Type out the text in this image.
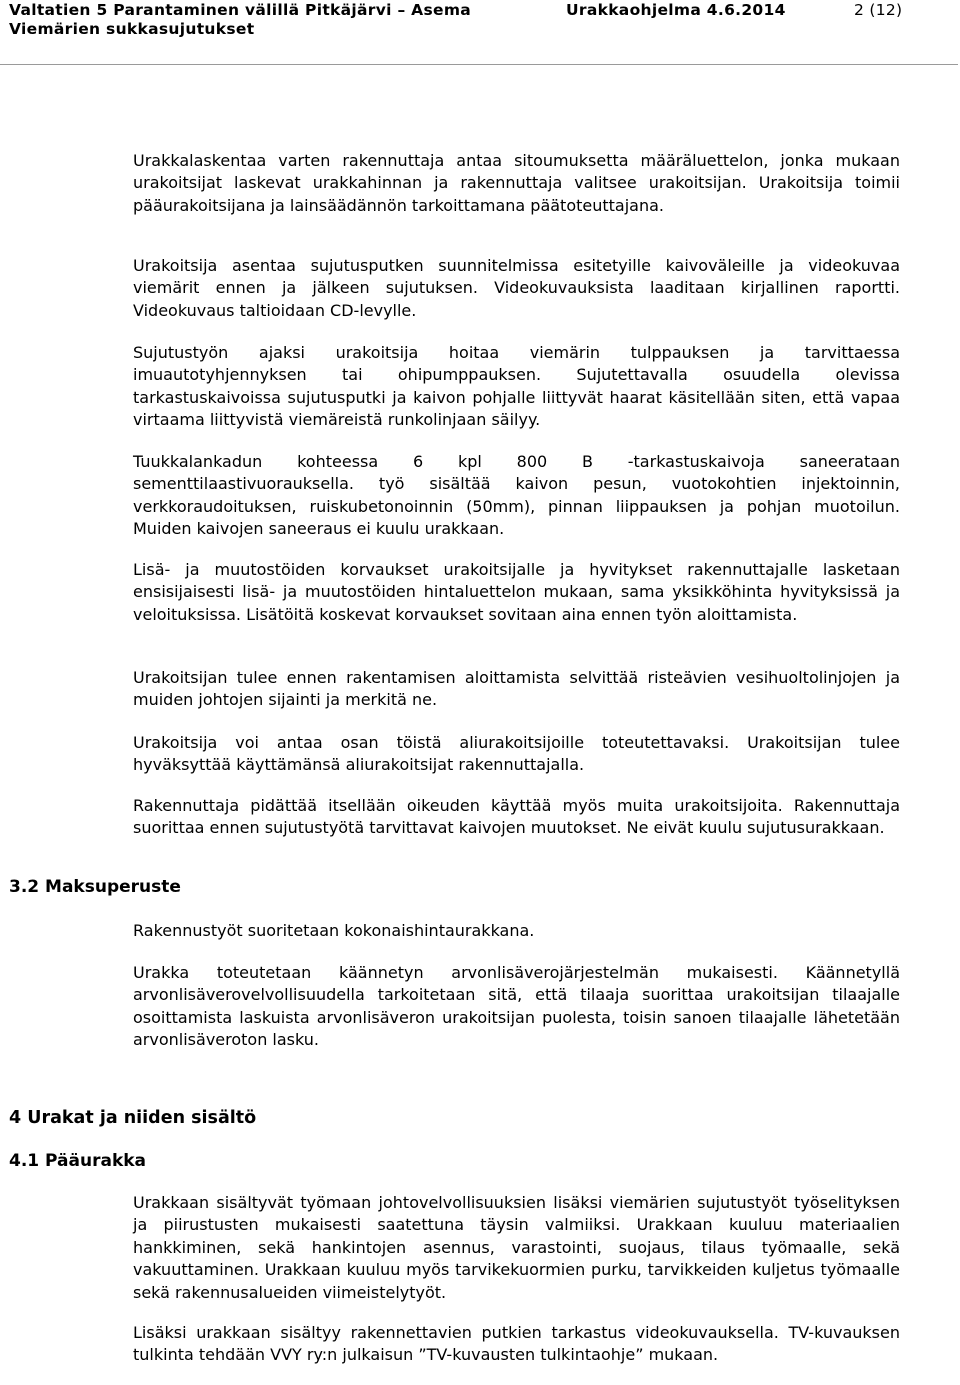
Valtatien 5 Parantaminen välillä Pitkäjärvi – Asema
Viemärien sukkasujutukset
Urakkaohjelma 4.6.2014	2 (12)

Urakkalaskentaa varten rakennuttaja antaa sitoumuksetta määräluettelon, jonka mukaan urakoitsijat laskevat urakkahinnan ja rakennuttaja valitsee urakoitsijan. Urakoitsija toimii pääurakoitsijana ja lainsäädännön tarkoittamana päätoteuttajana.

Urakoitsija asentaa sujutusputken suunnitelmissa esitetyille kaivoväleille ja videokuvaa viemärit ennen ja jälkeen sujutuksen. Videokuvauksista laaditaan kirjallinen raportti. Videokuvaus taltioidaan CD-levylle.

Sujutustyön ajaksi urakoitsija hoitaa viemärin tulppauksen ja tarvittaessa imuautotyhjennyksen tai ohipumppauksen. Sujutettavalla osuudella olevissa tarkastuskaivoissa sujutusputki ja kaivon pohjalle liittyvät haarat käsitellään siten, että vapaa virtaama liittyvistä viemäreistä runkolinjaan säilyy.

Tuukkalankadun kohteessa 6 kpl 800 B -tarkastuskaivoja saneerataan sementtilaastivuorauksella. työ sisältää kaivon pesun, vuotokohtien injektoinnin, verkkoraudoituksen, ruiskubetonoinnin (50mm), pinnan liippauksen ja pohjan muotoilun. Muiden kaivojen saneeraus ei kuulu urakkaan.

Lisä- ja muutostöiden korvaukset urakoitsijalle ja hyvitykset rakennuttajalle lasketaan ensisijaisesti lisä- ja muutostöiden hintaluettelon mukaan, sama yksikköhinta hyvityksissä ja veloituksissa. Lisätöitä koskevat korvaukset sovitaan aina ennen työn aloittamista.

Urakoitsijan tulee ennen rakentamisen aloittamista selvittää risteävien vesihuoltolinjojen ja muiden johtojen sijainti ja merkitä ne.

Urakoitsija voi antaa osan töistä aliurakoitsijoille toteutettavaksi. Urakoitsijan tulee hyväksyttää käyttämänsä aliurakoitsijat rakennuttajalla.

Rakennuttaja pidättää itsellään oikeuden käyttää myös muita urakoitsijoita. Rakennuttaja suorittaa ennen sujutustyötä tarvittavat kaivojen muutokset. Ne eivät kuulu sujutusurakkaan.

3.2 Maksuperuste

Rakennustyöt suoritetaan kokonaishintaurakkana.

Urakka toteutetaan käännetyn arvonlisäverojärjestelmän mukaisesti. Käännetyllä arvonlisäverovelvollisuudella tarkoitetaan sitä, että tilaaja suorittaa urakoitsijan tilaajalle osoittamista laskuista arvonlisäveron urakoitsijan puolesta, toisin sanoen tilaajalle lähetetään arvonlisäveroton lasku.

4 Urakat ja niiden sisältö
4.1 Pääurakka

Urakkaan sisältyvät työmaan johtovelvollisuuksien lisäksi viemärien sujutustyöt työselityksen ja piirustusten mukaisesti saatettuna täysin valmiiksi. Urakkaan kuuluu materiaalien hankkiminen, sekä hankintojen asennus, varastointi, suojaus, tilaus työmaalle, sekä vakuuttaminen. Urakkaan kuuluu myös tarvikekuormien purku, tarvikkeiden kuljetus työmaalle sekä rakennusalueiden viimeistelytyöt.

Lisäksi urakkaan sisältyy rakennettavien putkien tarkastus videokuvauksella. TV-kuvauksen tulkinta tehdään VVY ry:n julkaisun ”TV-kuvausten tulkintaohje” mukaan.
